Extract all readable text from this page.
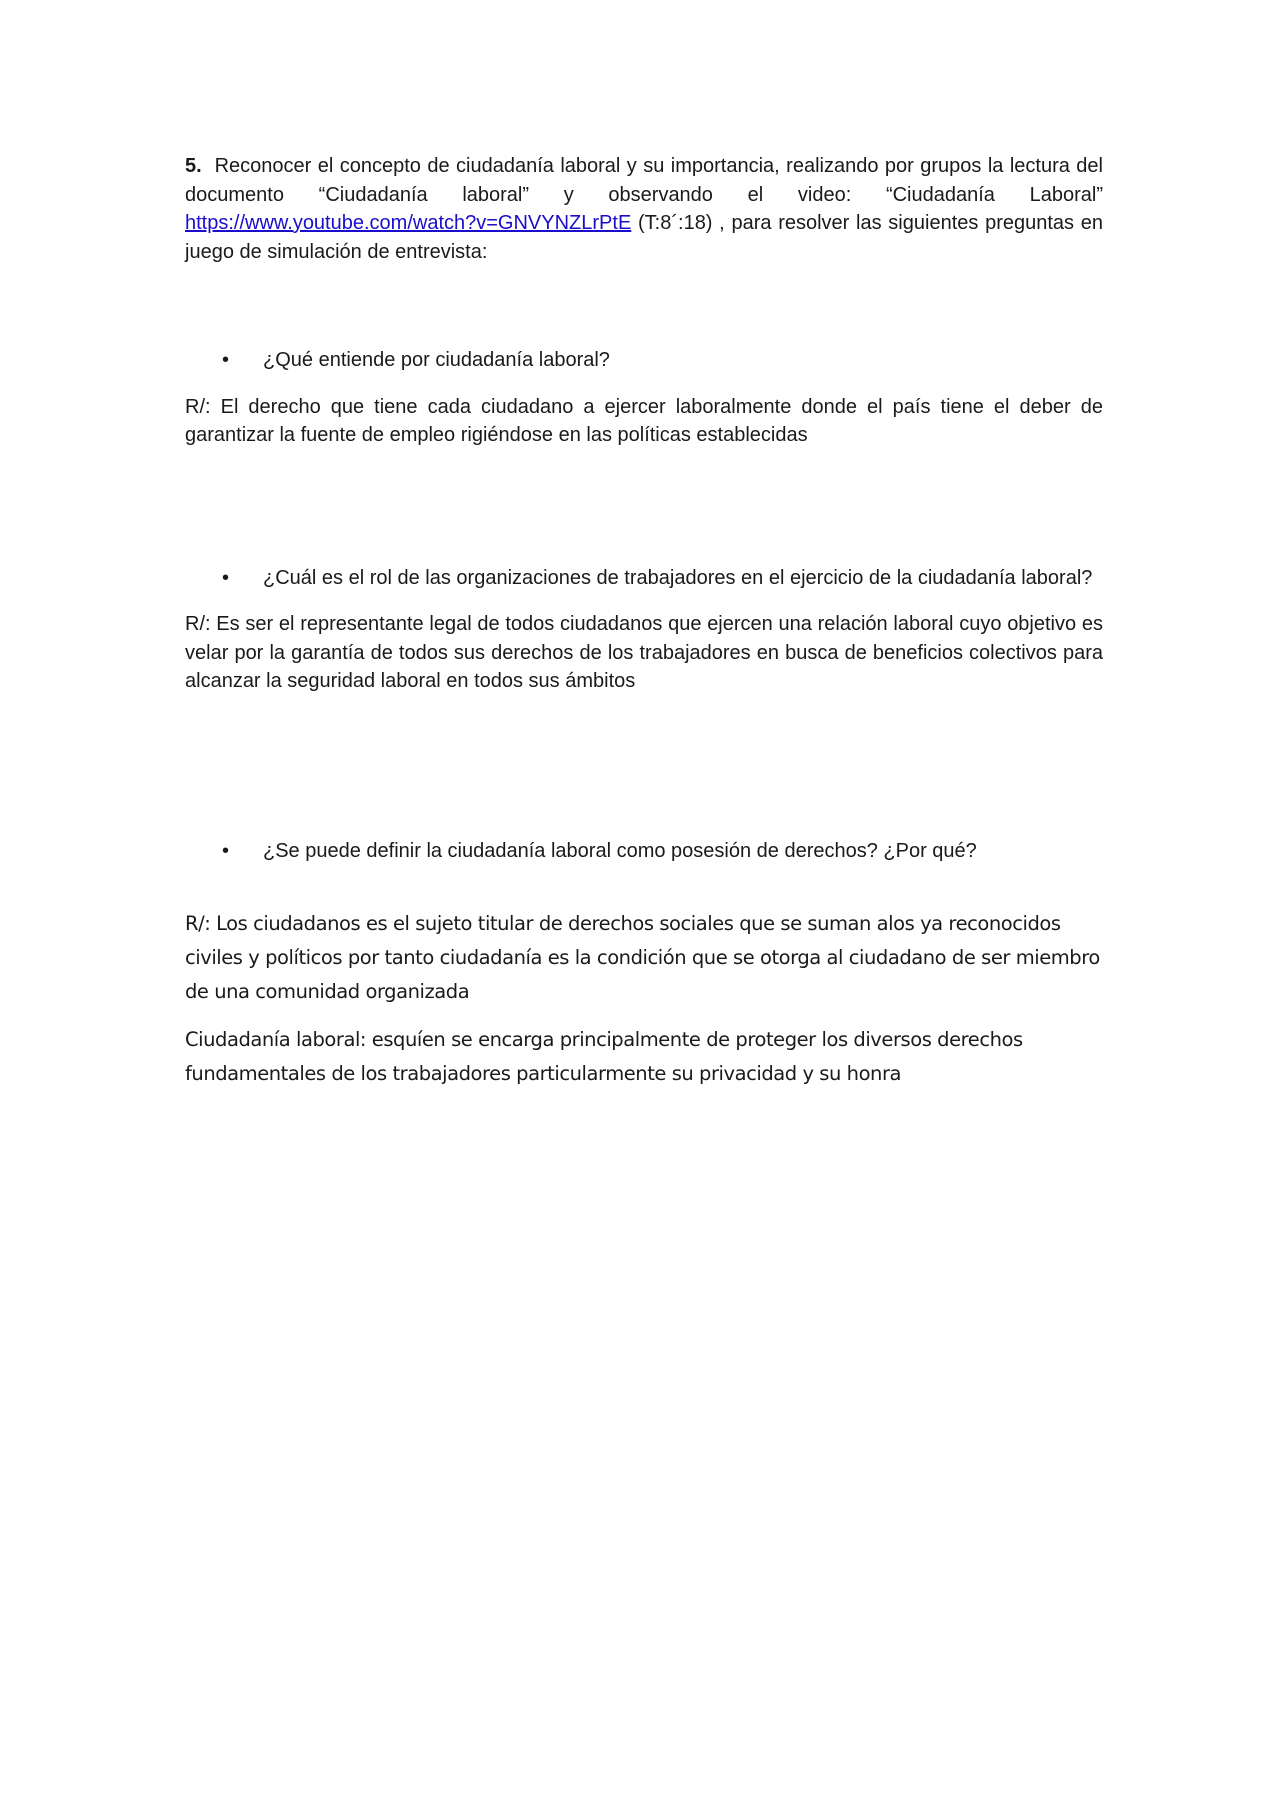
5. Reconocer el concepto de ciudadanía laboral y su importancia, realizando por grupos la lectura del documento “Ciudadanía laboral” y observando el video: “Ciudadanía Laboral” https://www.youtube.com/watch?v=GNVYNZLrPtE (T:8´:18) , para resolver las siguientes preguntas en juego de simulación de entrevista:

• ¿Qué entiende por ciudadanía laboral?

R/: El derecho que tiene cada ciudadano a ejercer laboralmente donde el país tiene el deber de garantizar la fuente de empleo rigiéndose en las políticas establecidas

• ¿Cuál es el rol de las organizaciones de trabajadores en el ejercicio de la ciudadanía laboral?

R/: Es ser el representante legal de todos ciudadanos que ejercen una relación laboral cuyo objetivo es velar por la garantía de todos sus derechos de los trabajadores en busca de beneficios colectivos para alcanzar la seguridad laboral en todos sus ámbitos

• ¿Se puede definir la ciudadanía laboral como posesión de derechos? ¿Por qué?

R/: Los ciudadanos es el sujeto titular de derechos sociales que se suman alos ya reconocidos civiles y políticos por tanto ciudadanía es la condición que se otorga al ciudadano de ser miembro de una comunidad organizada

Ciudadanía laboral: esquíen se encarga principalmente de proteger los diversos derechos fundamentales de los trabajadores particularmente su privacidad y su honra
